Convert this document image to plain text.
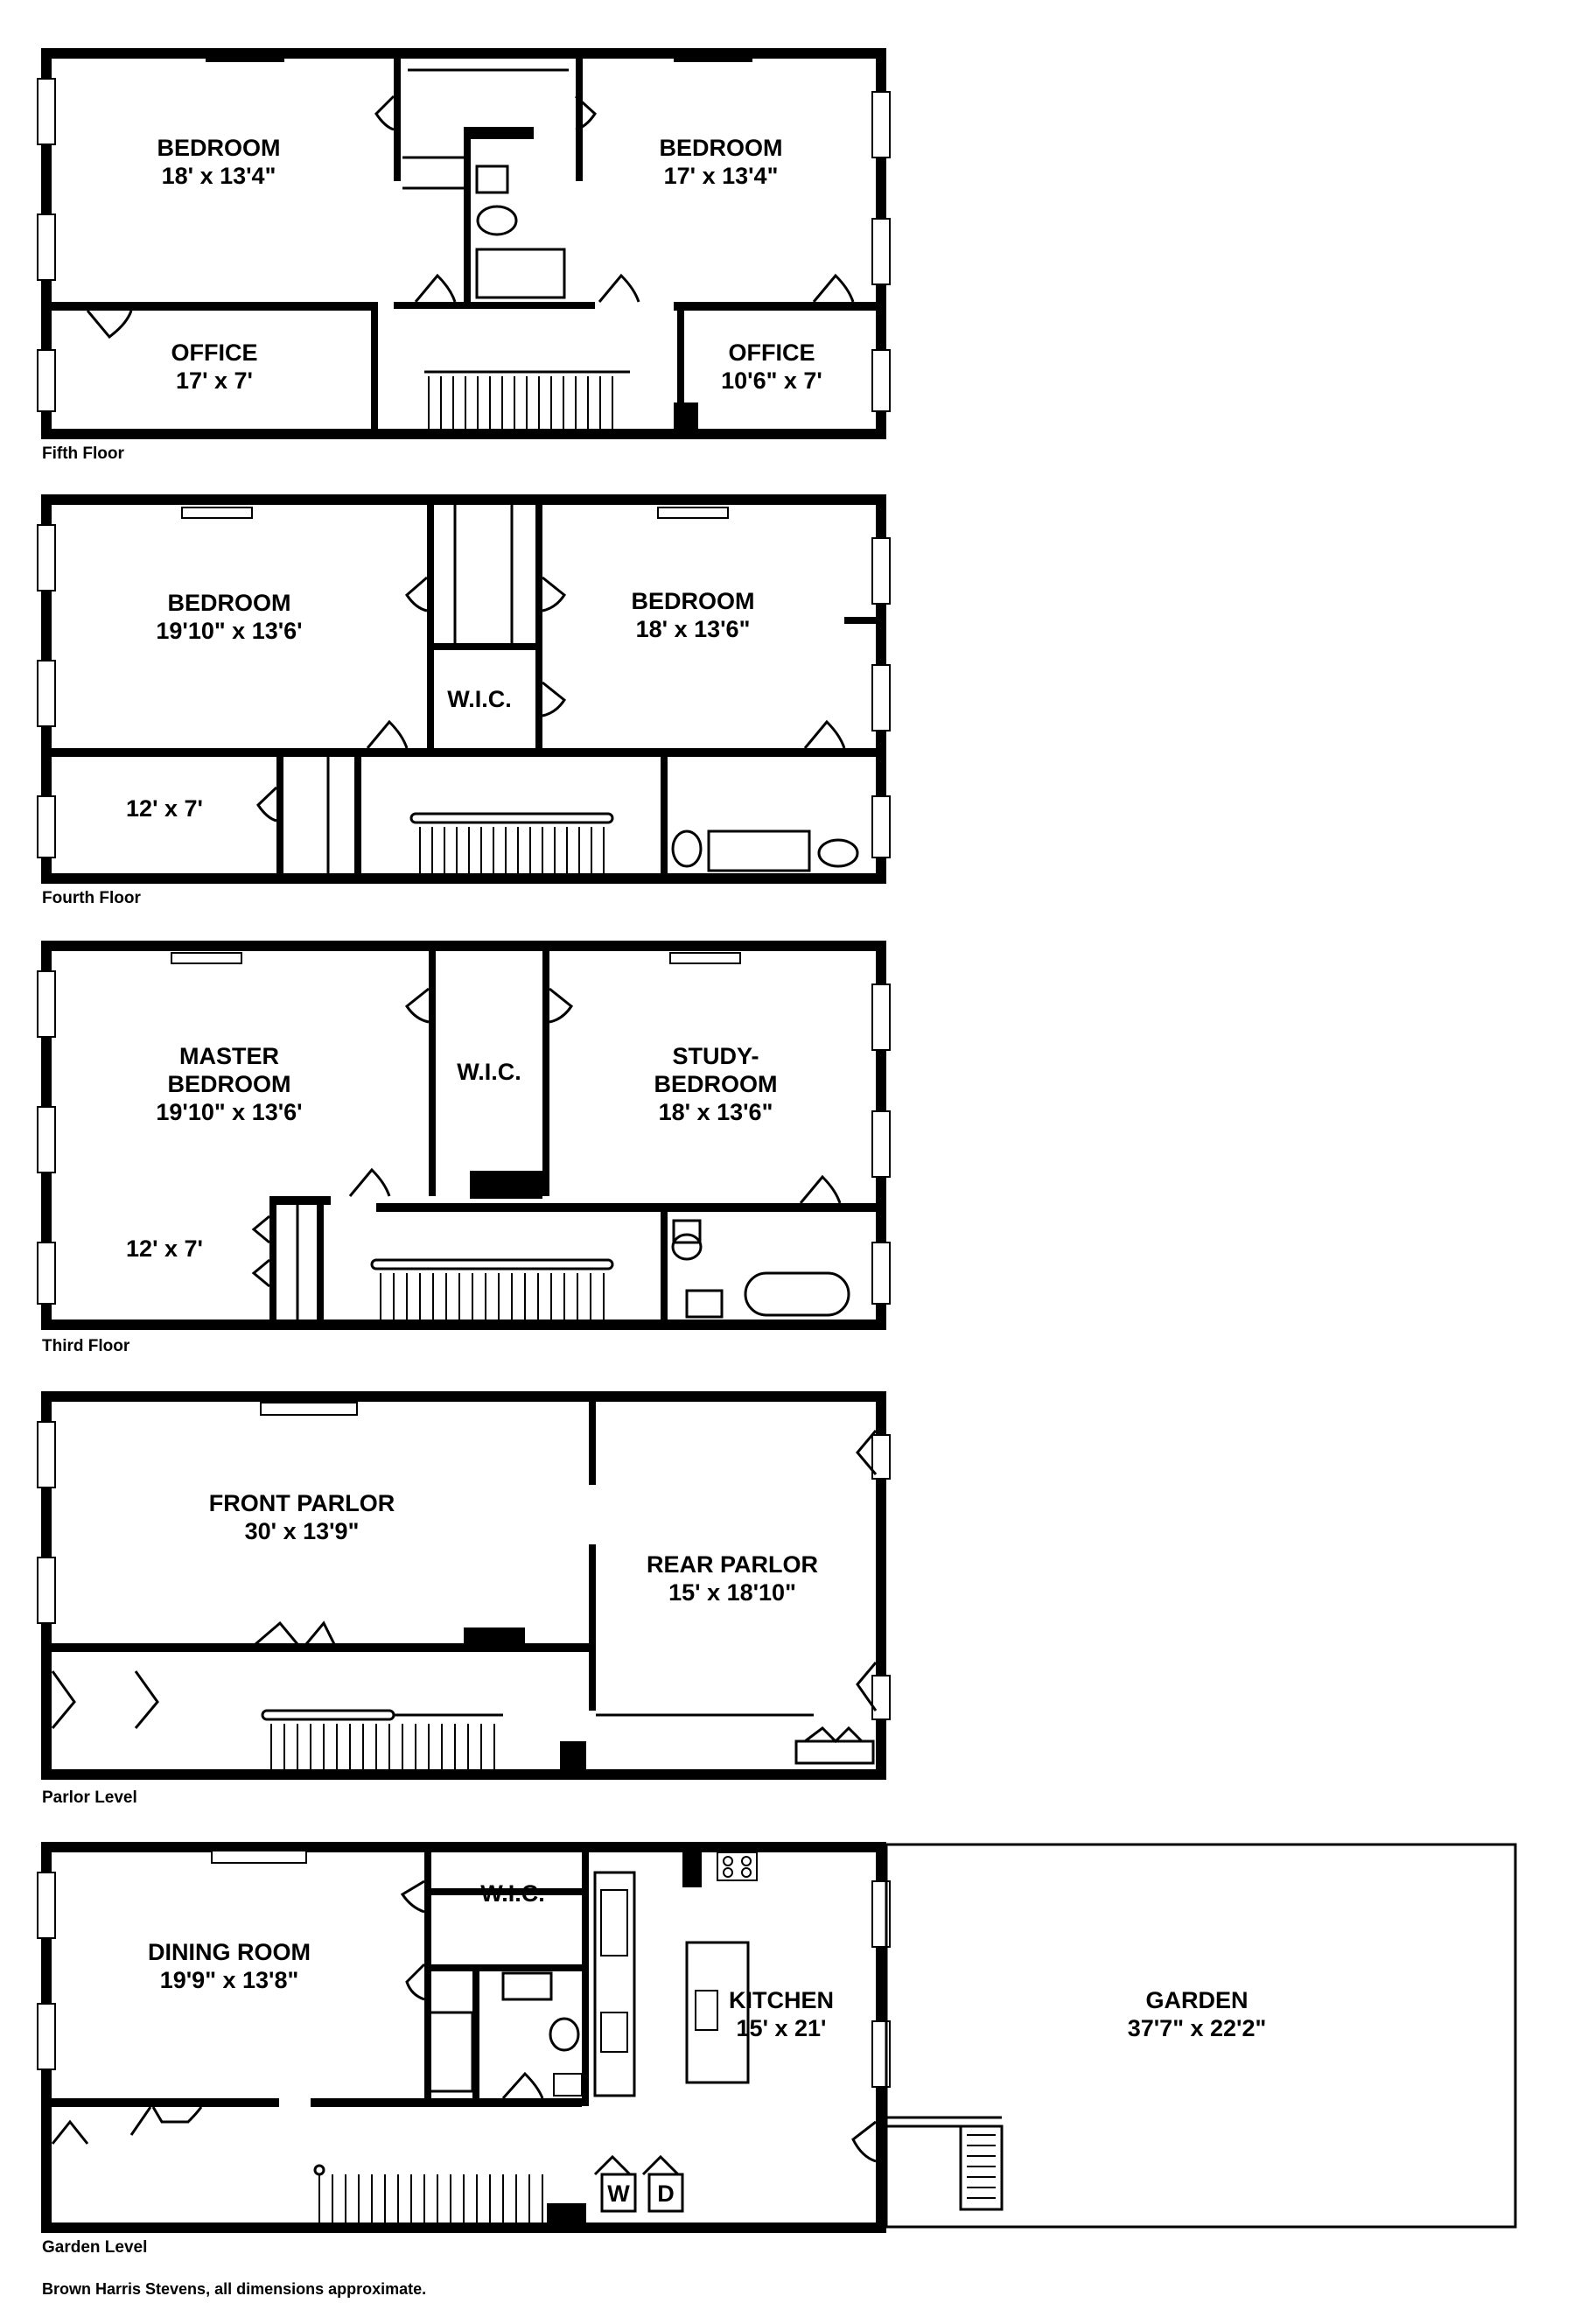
BEDROOM
18' x 13'4"
BEDROOM
17' x 13'4"
OFFICE
17' x 7'
OFFICE
10'6" x 7'
Fifth Floor
BEDROOM
19'10" x 13'6'
BEDROOM
18' x 13'6"
W.I.C.
12' x 7'
Fourth Floor
MASTER
BEDROOM
19'10" x 13'6'
W.I.C.
STUDY-
BEDROOM
18' x 13'6"
12' x 7'
Third Floor
FRONT PARLOR
30' x 13'9"
REAR PARLOR
15' x 18'10"
Parlor Level
W D
DINING ROOM
19'9" x 13'8"
W.I.C.
KITCHEN
15' x 21'
GARDEN
37'7" x 22'2"
Garden Level
Brown Harris Stevens, all dimensions approximate.
